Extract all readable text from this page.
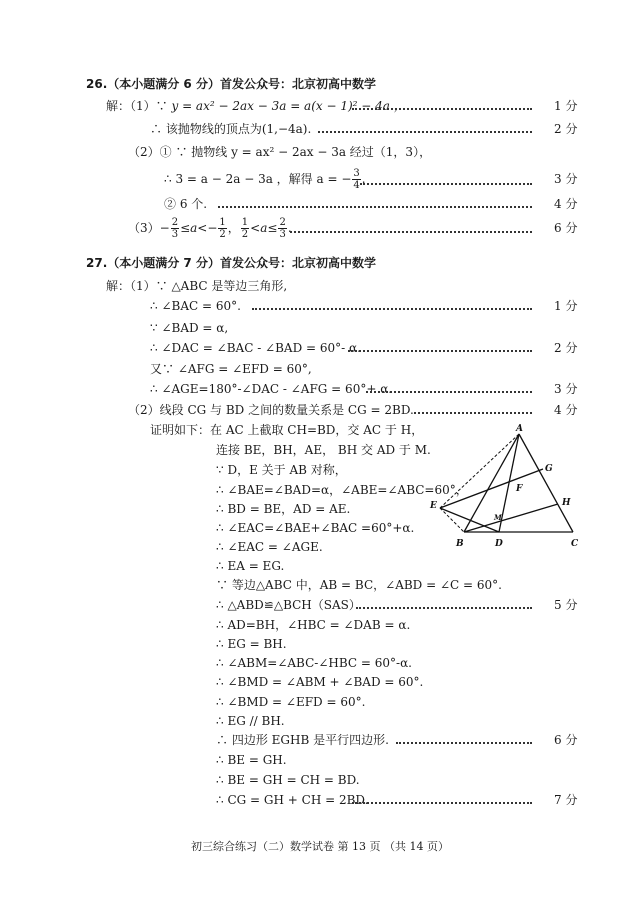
26.（本小题满分 6 分）首发公众号：北京初高中数学
解：（1）∵ y = ax² − 2ax − 3a = a(x − 1)² − 4a ，	1 分
∴ 该抛物线的顶点为(1,−4a).	2 分
（2）① ∵ 抛物线 y = ax² − 2ax − 3a 经过（1，3），
∴ 3 = a − 2a − 3a ，解得 a = − $\frac{3}{4}$ .	3 分
② 6 个.	4 分
$(3)- \frac{2}{3} \le a<- \frac{1}{2}$ ， $\frac{1}{2} <a\le \frac{2}{3}$ .	6 分
27.（本小题满分 7 分）首发公众号：北京初高中数学
解：（1）∵ △ABC 是等边三角形,
∴ ∠BAC = 60°.	1 分
∵ ∠BAD = α,
∴ ∠DAC = ∠BAC - ∠BAD = 60°- α.	2 分
又∵ ∠AFG = ∠EFD = 60°,
∴ ∠AGE=180°-∠DAC - ∠AFG = 60°+ α.	3 分
（2）线段 CG 与 BD 之间的数量关系是 CG = 2BD.	4 分
证明如下：在 AC 上截取 CH=BD，交 AC 于 H，
连接 BE，BH，AE， BH 交 AD 于 M.
∵ D，E 关于 AB 对称，
∴ ∠BAE=∠BAD=α，∠ABE=∠ABC=60°，
∴ BD = BE，AD = AE.
∴ ∠EAC=∠BAE+∠BAC =60°+α.
∴ ∠EAC = ∠AGE.
∴ EA = EG.
∵ 等边△ABC 中，AB = BC，∠ABD = ∠C = 60°.
∴ △ABD≌△BCH（SAS）	5 分
∴ AD=BH，∠HBC = ∠DAB = α.
∴ EG = BH.
∴ ∠ABM=∠ABC-∠HBC = 60°-α.
∴ ∠BMD = ∠ABM + ∠BAD = 60°.
∴ ∠BMD = ∠EFD = 60°.
∴ EG // BH.
∴ 四边形 EGHB 是平行四边形.	6 分
∴ BE = GH.
∴ BE = GH = CH = BD.
∴ CG = GH + CH = 2BD.	7 分
A
B	C
D
E
F
G
H
M
初三综合练习（二）数学试卷 第 13 页 （共 14 页）
